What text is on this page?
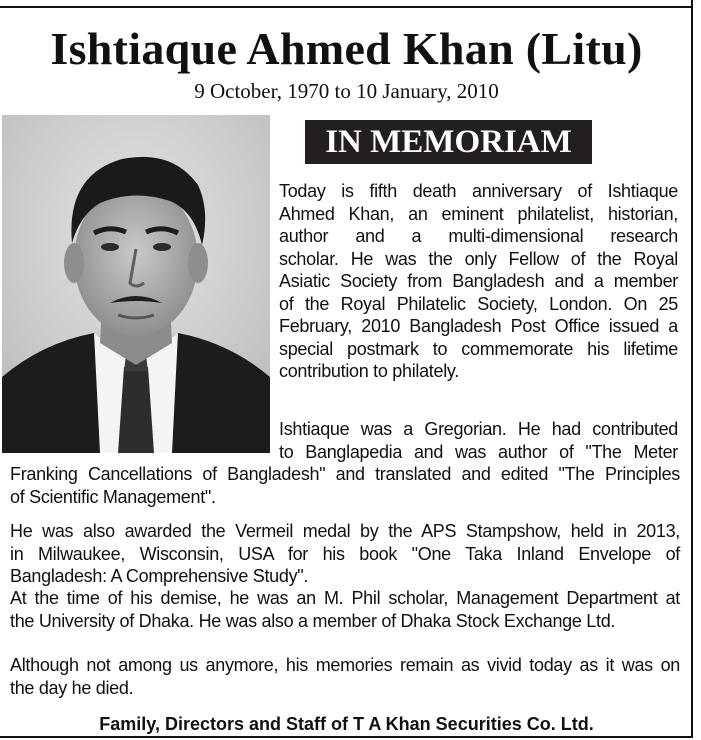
Ishtiaque Ahmed Khan (Litu)
9 October, 1970 to 10 January, 2010
IN MEMORIAM
Today is fifth death anniversary of Ishtiaque
Ahmed Khan, an eminent philatelist, historian,
author and a multi-dimensional research
scholar. He was the only Fellow of the Royal
Asiatic Society from Bangladesh and a member
of the Royal Philatelic Society, London. On 25
February, 2010 Bangladesh Post Office issued a
special postmark to commemorate his lifetime
contribution to philately.
Ishtiaque was a Gregorian. He had contributed
to Banglapedia and was author of "The Meter
Franking Cancellations of Bangladesh" and translated and edited "The Principles
of Scientific Management".
He was also awarded the Vermeil medal by the APS Stampshow, held in 2013,
in Milwaukee, Wisconsin, USA for his book "One Taka Inland Envelope of
Bangladesh: A Comprehensive Study".
At the time of his demise, he was an M. Phil scholar, Management Department at
the University of Dhaka. He was also a member of Dhaka Stock Exchange Ltd.
Although not among us anymore, his memories remain as vivid today as it was on
the day he died.
Family, Directors and Staff of T A Khan Securities Co. Ltd.
